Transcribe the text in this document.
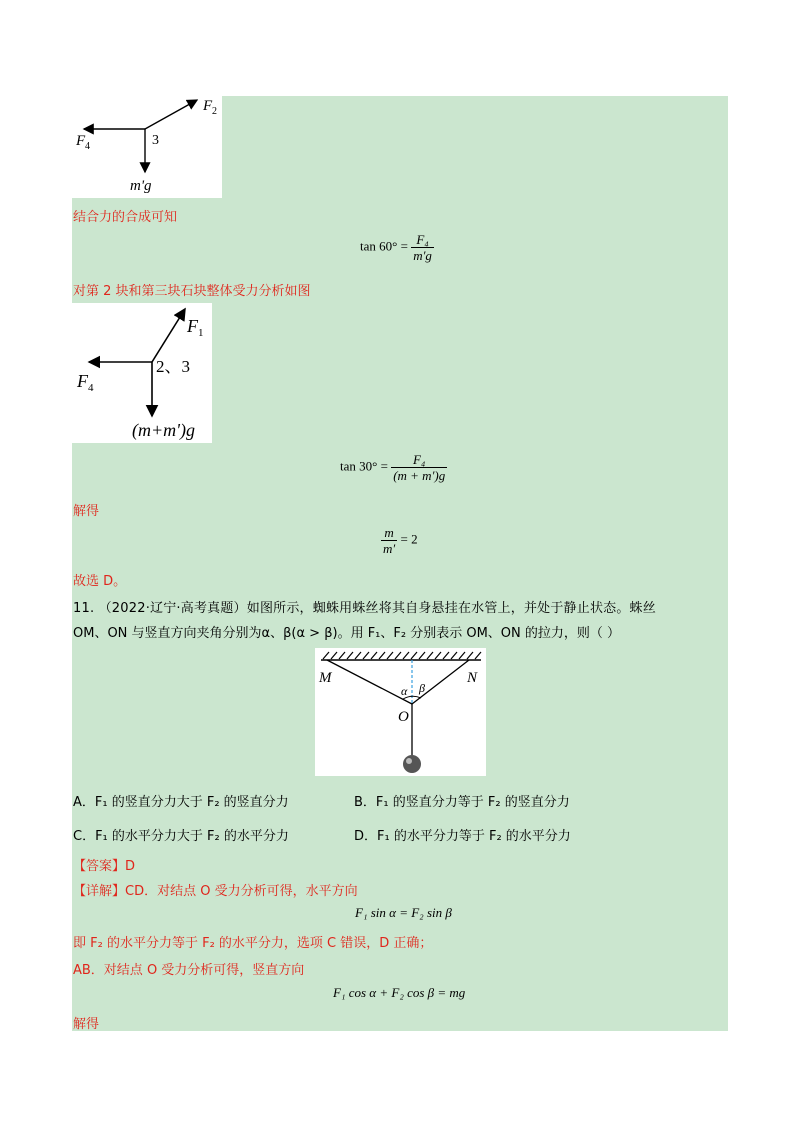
F 2
F 4	3
m'g
结合力的合成可知
$\tan 60^\circ = \frac{\text{F₄}}{m'g}$
对第 2 块和第三块石块整体受力分析如图
F 1
F 4
2、3
(m+m')g
$\tan 30^\circ = \frac{\text{F₄}}{(m + m')g}$
解得
$\frac{m}{m'} = 2$
故选 D。
11. （2022·辽宁·高考真题）如图所示，蜘蛛用蛛丝将其自身悬挂在水管上，并处于静止状态。蛛丝
OM、ON 与竖直方向夹角分别为α、β(α > β)。用 F₁、F₂ 分别表示 OM、ON 的拉力，则（ ）
M	N
O
α β
A．F₁ 的竖直分力大于 F₂ 的竖直分力	B．F₁ 的竖直分力等于 F₂ 的竖直分力
C．F₁ 的水平分力大于 F₂ 的水平分力	D．F₁ 的水平分力等于 F₂ 的水平分力
【答案】D
【详解】CD．对结点 O 受力分析可得，水平方向
F₁ sin α = F₂ sin β
即 F₂ 的水平分力等于 F₂ 的水平分力，选项 C 错误，D 正确；
AB．对结点 O 受力分析可得，竖直方向
F₁ cos α + F₂ cos β = mg
解得
